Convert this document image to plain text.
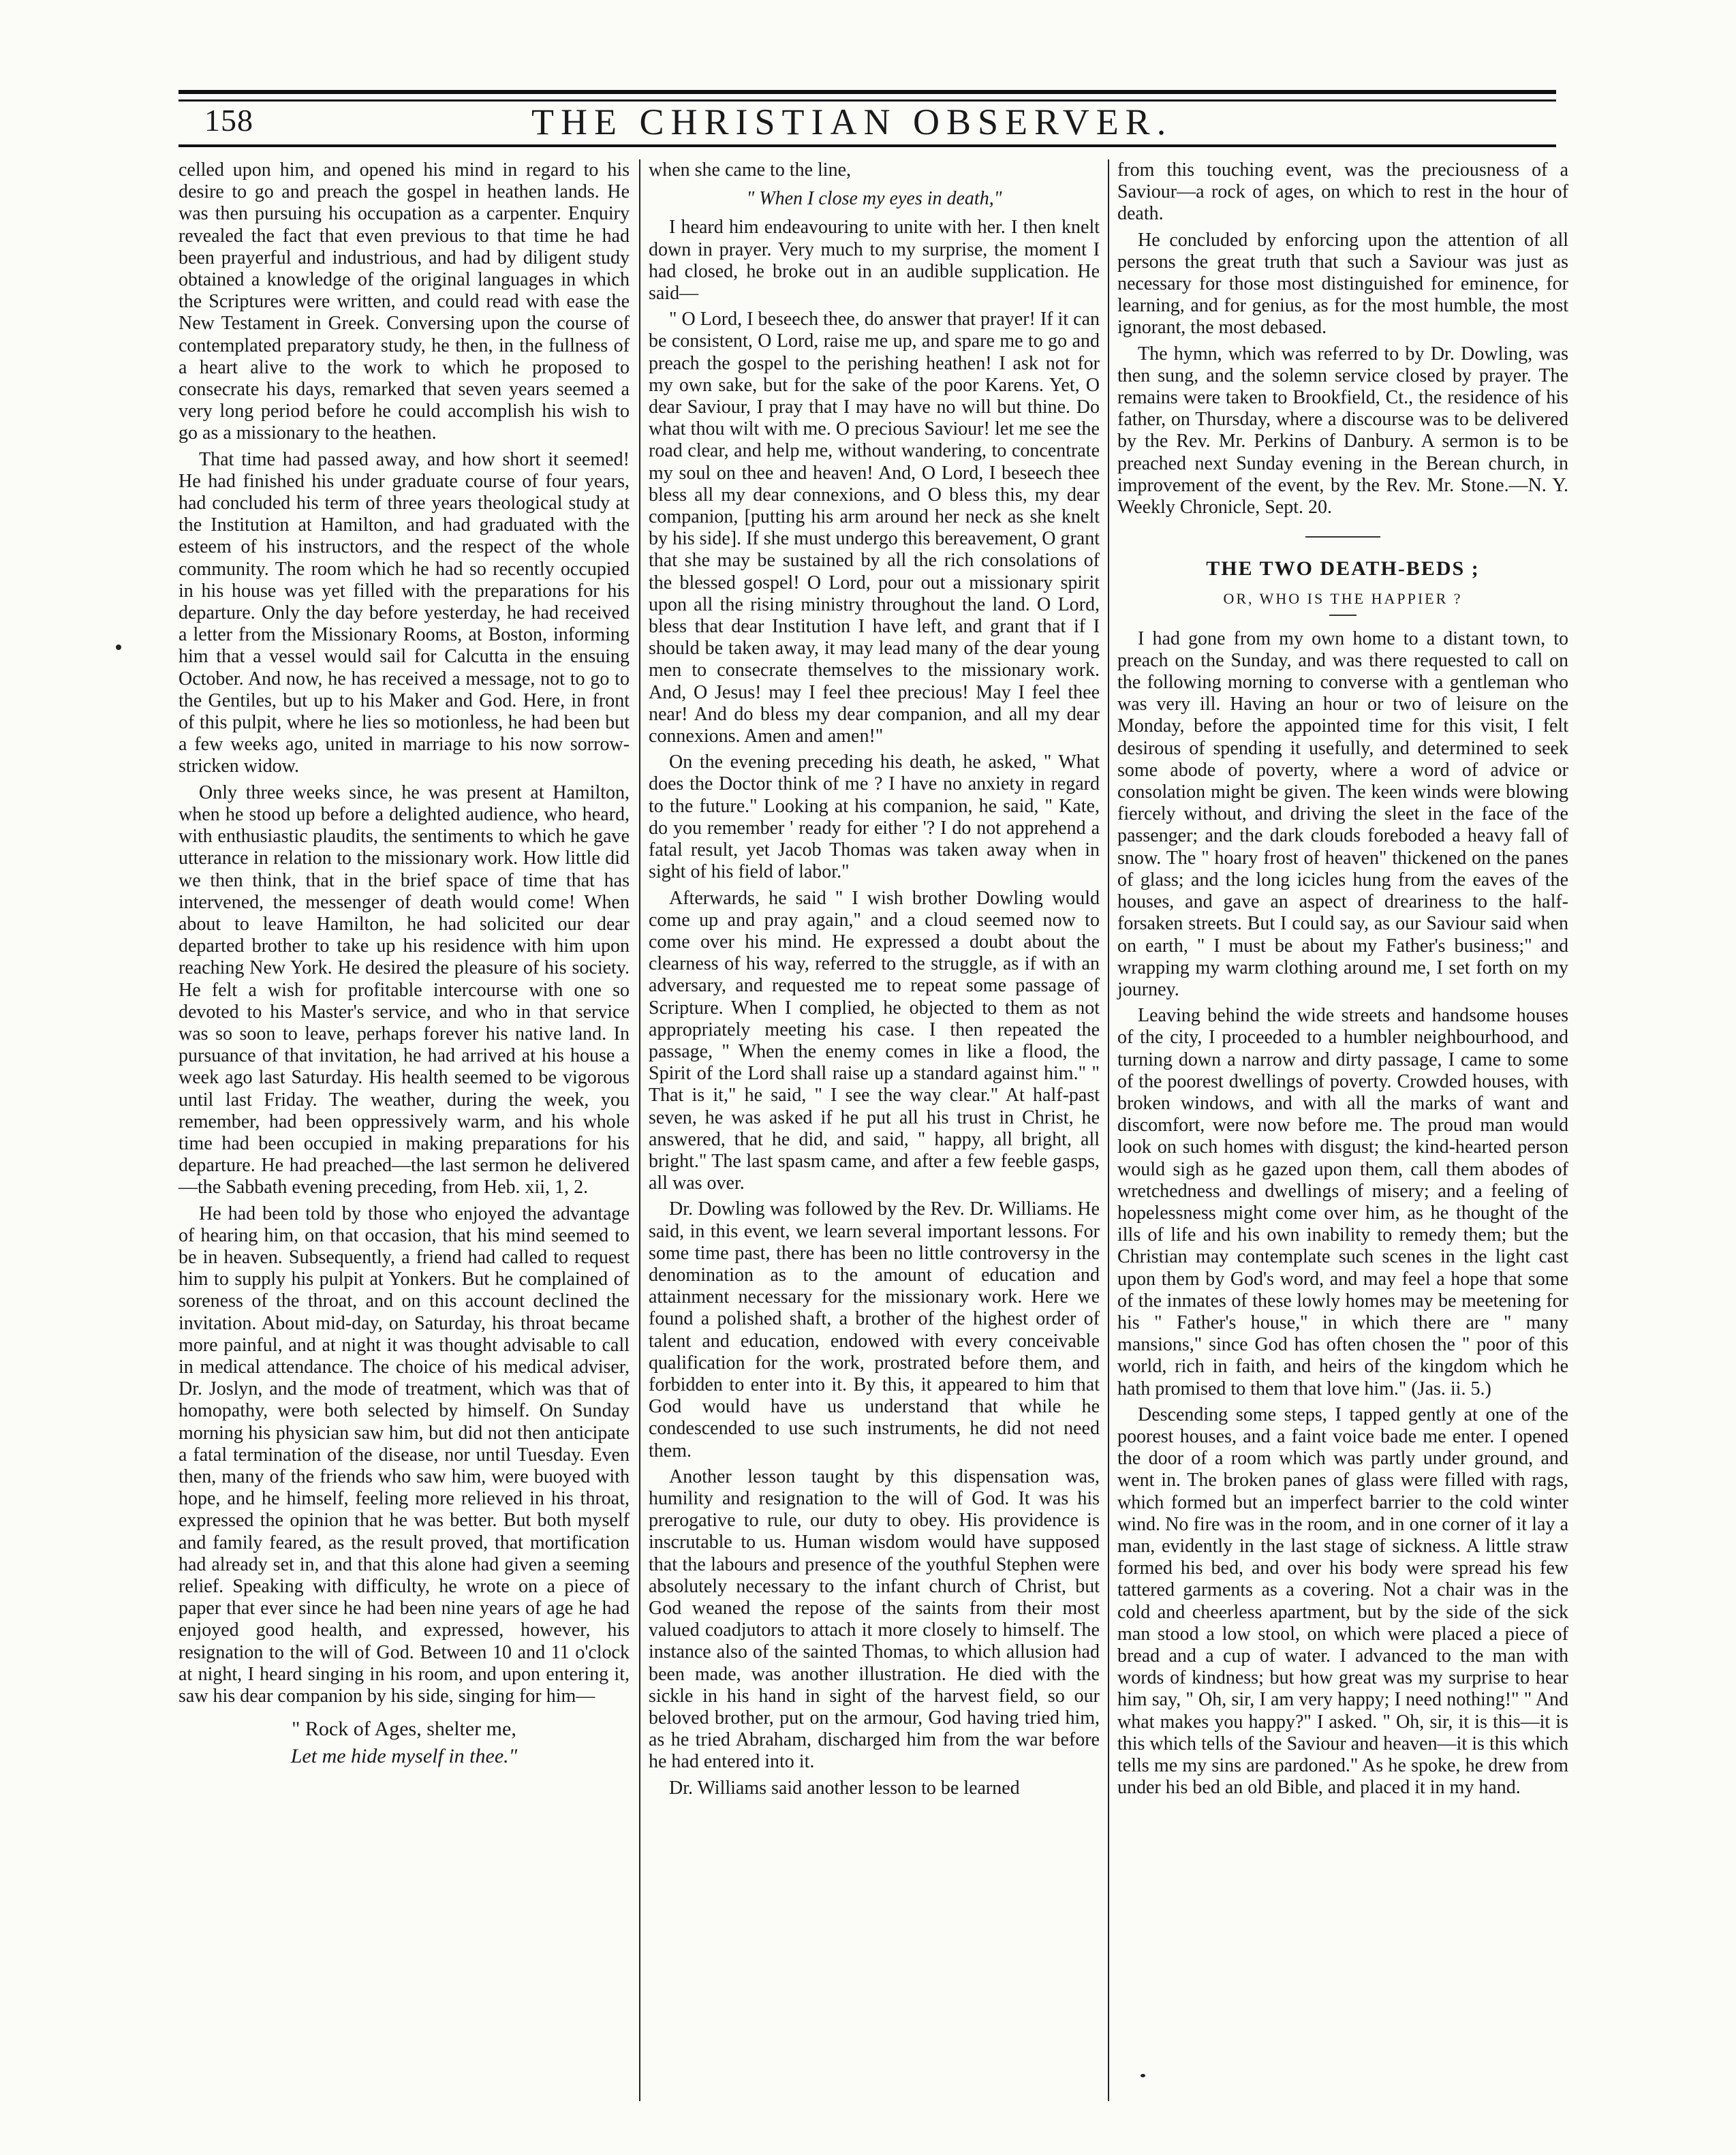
158	THE CHRISTIAN OBSERVER.

celled upon him, and opened his mind in regard to his desire to go and preach the gospel in heathen lands. He was then pursuing his occupation as a carpenter. Enquiry revealed the fact that even previous to that time he had been prayerful and industrious, and had by diligent study obtained a knowledge of the original languages in which the Scriptures were written, and could read with ease the New Testament in Greek. Conversing upon the course of contemplated preparatory study, he then, in the fullness of a heart alive to the work to which he proposed to consecrate his days, remarked that seven years seemed a very long period before he could accomplish his wish to go as a missionary to the heathen.

That time had passed away, and how short it seemed! He had finished his under graduate course of four years, had concluded his term of three years theological study at the Institution at Hamilton, and had graduated with the esteem of his instructors, and the respect of the whole community. The room which he had so recently occupied in his house was yet filled with the preparations for his departure. Only the day before yesterday, he had received a letter from the Missionary Rooms, at Boston, informing him that a vessel would sail for Calcutta in the ensuing October. And now, he has received a message, not to go to the Gentiles, but up to his Maker and God. Here, in front of this pulpit, where he lies so motionless, he had been but a few weeks ago, united in marriage to his now sorrow-stricken widow.

Only three weeks since, he was present at Hamilton, when he stood up before a delighted audience, who heard, with enthusiastic plaudits, the sentiments to which he gave utterance in relation to the missionary work. How little did we then think, that in the brief space of time that has intervened, the messenger of death would come! When about to leave Hamilton, he had solicited our dear departed brother to take up his residence with him upon reaching New York. He desired the pleasure of his society. He felt a wish for profitable intercourse with one so devoted to his Master's service, and who in that service was so soon to leave, perhaps forever his native land. In pursuance of that invitation, he had arrived at his house a week ago last Saturday. His health seemed to be vigorous until last Friday. The weather, during the week, you remember, had been oppressively warm, and his whole time had been occupied in making preparations for his departure. He had preached—the last sermon he delivered—the Sabbath evening preceding, from Heb. xii, 1, 2.

He had been told by those who enjoyed the advantage of hearing him, on that occasion, that his mind seemed to be in heaven. Subsequently, a friend had called to request him to supply his pulpit at Yonkers. But he complained of soreness of the throat, and on this account declined the invitation. About mid-day, on Saturday, his throat became more painful, and at night it was thought advisable to call in medical attendance. The choice of his medical adviser, Dr. Joslyn, and the mode of treatment, which was that of homopathy, were both selected by himself. On Sunday morning his physician saw him, but did not then anticipate a fatal termination of the disease, nor until Tuesday. Even then, many of the friends who saw him, were buoyed with hope, and he himself, feeling more relieved in his throat, expressed the opinion that he was better. But both myself and family feared, as the result proved, that mortification had already set in, and that this alone had given a seeming relief. Speaking with difficulty, he wrote on a piece of paper that ever since he had been nine years of age he had enjoyed good health, and expressed, however, his resignation to the will of God. Between 10 and 11 o'clock at night, I heard singing in his room, and upon entering it, saw his dear companion by his side, singing for him—

" Rock of Ages, shelter me,

Let me hide myself in thee."

when she came to the line,

" When I close my eyes in death,"

I heard him endeavouring to unite with her. I then knelt down in prayer. Very much to my surprise, the moment I had closed, he broke out in an audible supplication. He said—

" O Lord, I beseech thee, do answer that prayer! If it can be consistent, O Lord, raise me up, and spare me to go and preach the gospel to the perishing heathen! I ask not for my own sake, but for the sake of the poor Karens. Yet, O dear Saviour, I pray that I may have no will but thine. Do what thou wilt with me. O precious Saviour! let me see the road clear, and help me, without wandering, to concentrate my soul on thee and heaven! And, O Lord, I beseech thee bless all my dear connexions, and O bless this, my dear companion, [putting his arm around her neck as she knelt by his side]. If she must undergo this bereavement, O grant that she may be sustained by all the rich consolations of the blessed gospel! O Lord, pour out a missionary spirit upon all the rising ministry throughout the land. O Lord, bless that dear Institution I have left, and grant that if I should be taken away, it may lead many of the dear young men to consecrate themselves to the missionary work. And, O Jesus! may I feel thee precious! May I feel thee near! And do bless my dear companion, and all my dear connexions. Amen and amen!"

On the evening preceding his death, he asked, " What does the Doctor think of me ? I have no anxiety in regard to the future." Looking at his companion, he said, " Kate, do you remember ' ready for either '? I do not apprehend a fatal result, yet Jacob Thomas was taken away when in sight of his field of labor."

Afterwards, he said " I wish brother Dowling would come up and pray again," and a cloud seemed now to come over his mind. He expressed a doubt about the clearness of his way, referred to the struggle, as if with an adversary, and requested me to repeat some passage of Scripture. When I complied, he objected to them as not appropriately meeting his case. I then repeated the passage, " When the enemy comes in like a flood, the Spirit of the Lord shall raise up a standard against him." " That is it," he said, " I see the way clear." At half-past seven, he was asked if he put all his trust in Christ, he answered, that he did, and said, " happy, all bright, all bright." The last spasm came, and after a few feeble gasps, all was over.

Dr. Dowling was followed by the Rev. Dr. Williams. He said, in this event, we learn several important lessons. For some time past, there has been no little controversy in the denomination as to the amount of education and attainment necessary for the missionary work. Here we found a polished shaft, a brother of the highest order of talent and education, endowed with every conceivable qualification for the work, prostrated before them, and forbidden to enter into it. By this, it appeared to him that God would have us understand that while he condescended to use such instruments, he did not need them.

Another lesson taught by this dispensation was, humility and resignation to the will of God. It was his prerogative to rule, our duty to obey. His providence is inscrutable to us. Human wisdom would have supposed that the labours and presence of the youthful Stephen were absolutely necessary to the infant church of Christ, but God weaned the repose of the saints from their most valued coadjutors to attach it more closely to himself. The instance also of the sainted Thomas, to which allusion had been made, was another illustration. He died with the sickle in his hand in sight of the harvest field, so our beloved brother, put on the armour, God having tried him, as he tried Abraham, discharged him from the war before he had entered into it.

Dr. Williams said another lesson to be learned

from this touching event, was the preciousness of a Saviour—a rock of ages, on which to rest in the hour of death.

He concluded by enforcing upon the attention of all persons the great truth that such a Saviour was just as necessary for those most distinguished for eminence, for learning, and for genius, as for the most humble, the most ignorant, the most debased.

The hymn, which was referred to by Dr. Dowling, was then sung, and the solemn service closed by prayer. The remains were taken to Brookfield, Ct., the residence of his father, on Thursday, where a discourse was to be delivered by the Rev. Mr. Perkins of Danbury. A sermon is to be preached next Sunday evening in the Berean church, in improvement of the event, by the Rev. Mr. Stone.—N. Y. Weekly Chronicle, Sept. 20.

THE TWO DEATH-BEDS ;

OR, WHO IS THE HAPPIER ?

I had gone from my own home to a distant town, to preach on the Sunday, and was there requested to call on the following morning to converse with a gentleman who was very ill. Having an hour or two of leisure on the Monday, before the appointed time for this visit, I felt desirous of spending it usefully, and determined to seek some abode of poverty, where a word of advice or consolation might be given. The keen winds were blowing fiercely without, and driving the sleet in the face of the passenger; and the dark clouds foreboded a heavy fall of snow. The " hoary frost of heaven" thickened on the panes of glass; and the long icicles hung from the eaves of the houses, and gave an aspect of dreariness to the half-forsaken streets. But I could say, as our Saviour said when on earth, " I must be about my Father's business;" and wrapping my warm clothing around me, I set forth on my journey.

Leaving behind the wide streets and handsome houses of the city, I proceeded to a humbler neighbourhood, and turning down a narrow and dirty passage, I came to some of the poorest dwellings of poverty. Crowded houses, with broken windows, and with all the marks of want and discomfort, were now before me. The proud man would look on such homes with disgust; the kind-hearted person would sigh as he gazed upon them, call them abodes of wretchedness and dwellings of misery; and a feeling of hopelessness might come over him, as he thought of the ills of life and his own inability to remedy them; but the Christian may contemplate such scenes in the light cast upon them by God's word, and may feel a hope that some of the inmates of these lowly homes may be meetening for his " Father's house," in which there are " many mansions," since God has often chosen the " poor of this world, rich in faith, and heirs of the kingdom which he hath promised to them that love him." (Jas. ii. 5.)

Descending some steps, I tapped gently at one of the poorest houses, and a faint voice bade me enter. I opened the door of a room which was partly under ground, and went in. The broken panes of glass were filled with rags, which formed but an imperfect barrier to the cold winter wind. No fire was in the room, and in one corner of it lay a man, evidently in the last stage of sickness. A little straw formed his bed, and over his body were spread his few tattered garments as a covering. Not a chair was in the cold and cheerless apartment, but by the side of the sick man stood a low stool, on which were placed a piece of bread and a cup of water. I advanced to the man with words of kindness; but how great was my surprise to hear him say, " Oh, sir, I am very happy; I need nothing!" " And what makes you happy?" I asked. " Oh, sir, it is this—it is this which tells of the Saviour and heaven—it is this which tells me my sins are pardoned." As he spoke, he drew from under his bed an old Bible, and placed it in my hand.
